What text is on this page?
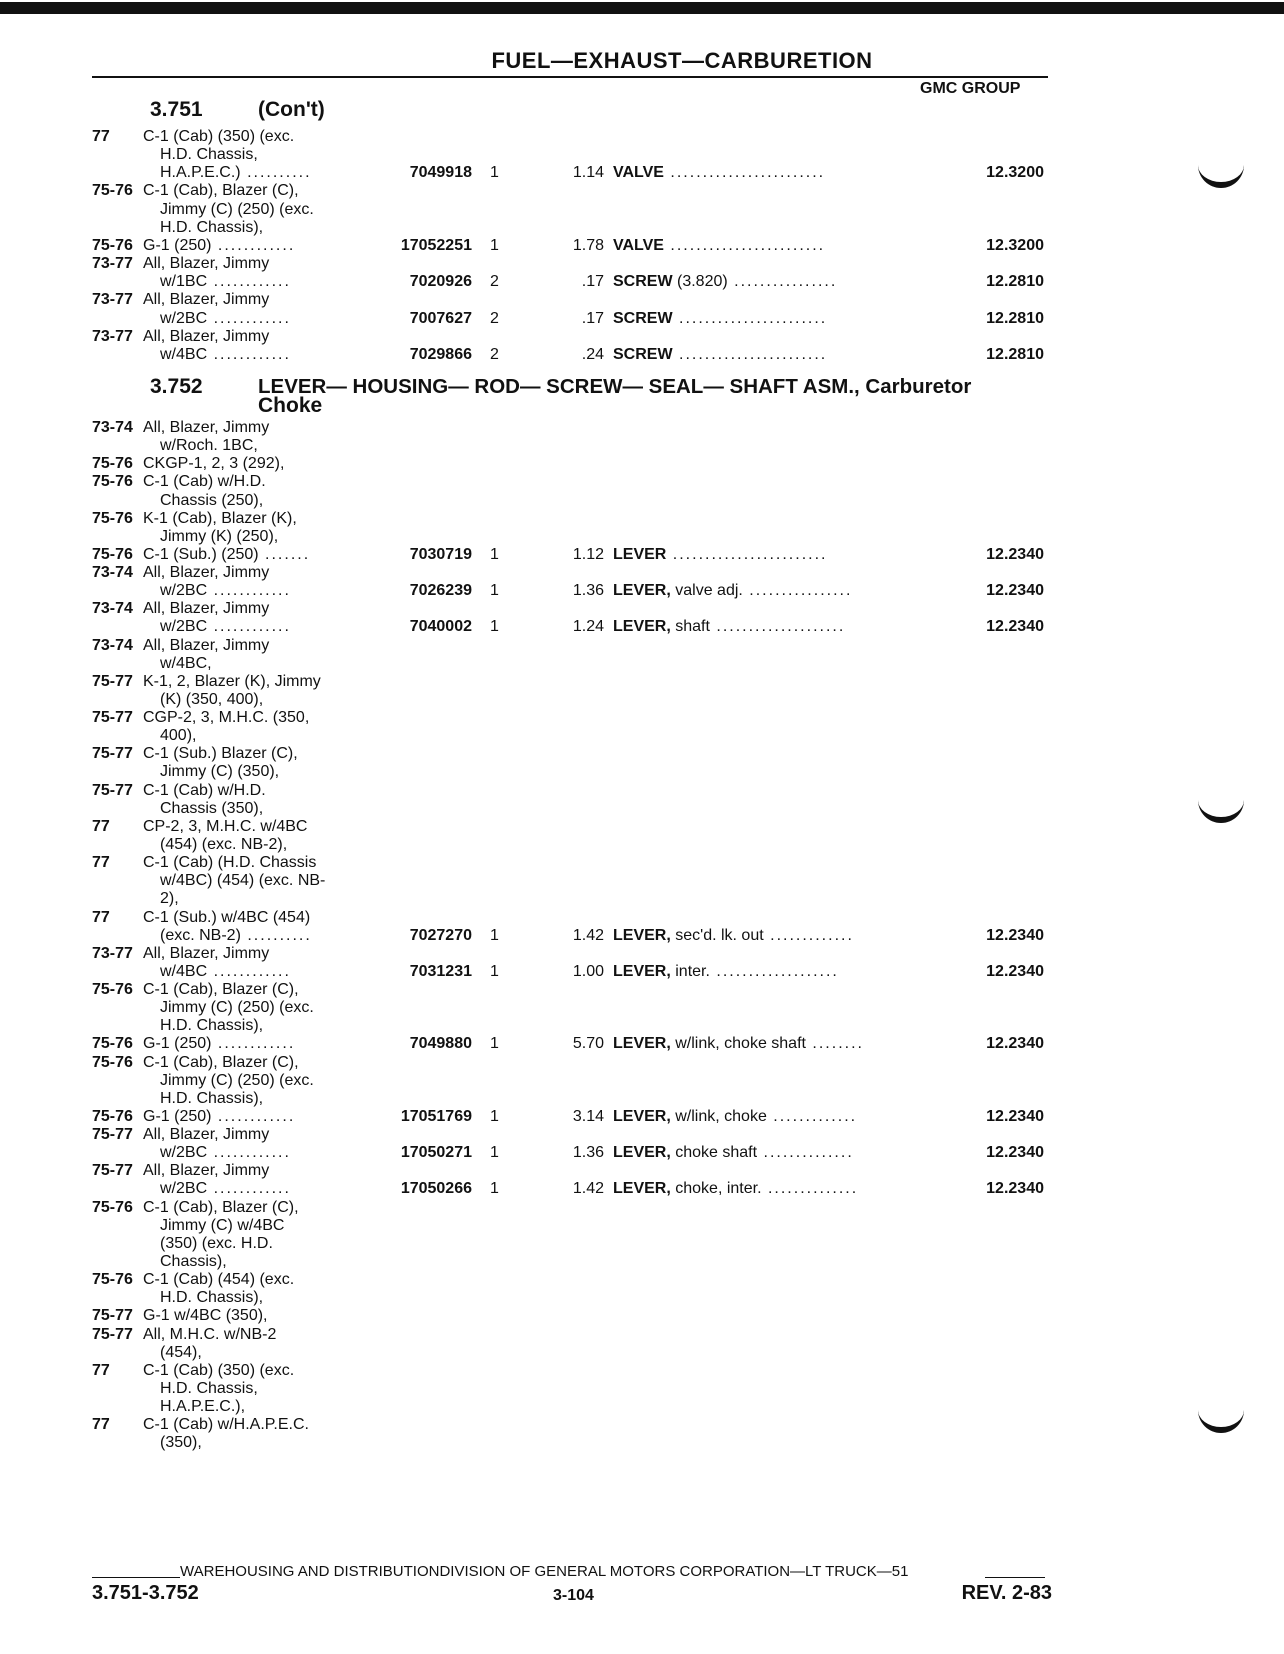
FUEL—EXHAUST—CARBURETION
GMC GROUP
3.751	(Con't)
3.752	LEVER— HOUSING— ROD— SCREW— SEAL— SHAFT ASM., Carburetor
Choke
77	C-1 (Cab) (350) (exc.
H.D. Chassis,
H.A.P.E.C.) ..........	7049918 1	1.14 VALVE ........................	12.3200
75-76 C-1 (Cab), Blazer (C),
Jimmy (C) (250) (exc.
H.D. Chassis),
75-76 G-1 (250) ............	17052251 1	1.78 VALVE ........................	12.3200
73-77 All, Blazer, Jimmy
w/1BC ............	7020926 2	.17 SCREW (3.820) ................	12.2810
73-77 All, Blazer, Jimmy
w/2BC ............	7007627 2	.17 SCREW .......................	12.2810
73-77 All, Blazer, Jimmy
w/4BC ............	7029866 2	.24 SCREW .......................	12.2810
73-74 All, Blazer, Jimmy
w/Roch. 1BC,
75-76 CKGP-1, 2, 3 (292),
75-76 C-1 (Cab) w/H.D.
Chassis (250),
75-76 K-1 (Cab), Blazer (K),
Jimmy (K) (250),
75-76 C-1 (Sub.) (250) .......	7030719 1	1.12 LEVER ........................	12.2340
73-74 All, Blazer, Jimmy
w/2BC ............	7026239 1	1.36 LEVER, valve adj. ................	12.2340
73-74 All, Blazer, Jimmy
w/2BC ............	7040002 1	1.24 LEVER, shaft ....................	12.2340
73-74 All, Blazer, Jimmy
w/4BC,
75-77 K-1, 2, Blazer (K), Jimmy
(K) (350, 400),
75-77 CGP-2, 3, M.H.C. (350,
400),
75-77 C-1 (Sub.) Blazer (C),
Jimmy (C) (350),
75-77 C-1 (Cab) w/H.D.
Chassis (350),
77	CP-2, 3, M.H.C. w/4BC
(454) (exc. NB-2),
77	C-1 (Cab) (H.D. Chassis
w/4BC) (454) (exc. NB-
2),
77	C-1 (Sub.) w/4BC (454)
(exc. NB-2) ..........	7027270 1	1.42 LEVER, sec'd. lk. out .............	12.2340
73-77 All, Blazer, Jimmy
w/4BC ............	7031231 1	1.00 LEVER, inter. ...................	12.2340
75-76 C-1 (Cab), Blazer (C),
Jimmy (C) (250) (exc.
H.D. Chassis),
75-76 G-1 (250) ............	7049880 1	5.70 LEVER, w/link, choke shaft ........	12.2340
75-76 C-1 (Cab), Blazer (C),
Jimmy (C) (250) (exc.
H.D. Chassis),
75-76 G-1 (250) ............	17051769 1	3.14 LEVER, w/link, choke .............	12.2340
75-77 All, Blazer, Jimmy
w/2BC ............	17050271 1	1.36 LEVER, choke shaft ..............	12.2340
75-77 All, Blazer, Jimmy
w/2BC ............	17050266 1	1.42 LEVER, choke, inter. ..............	12.2340
75-76 C-1 (Cab), Blazer (C),
Jimmy (C) w/4BC
(350) (exc. H.D.
Chassis),
75-76 C-1 (Cab) (454) (exc.
H.D. Chassis),
75-77 G-1 w/4BC (350),
75-77 All, M.H.C. w/NB-2
(454),
77	C-1 (Cab) (350) (exc.
H.D. Chassis,
H.A.P.E.C.),
77	C-1 (Cab) w/H.A.P.E.C.
(350),
WAREHOUSING AND DISTRIBUTIONDIVISION OF GENERAL MOTORS CORPORATION—LT TRUCK—51
3.751-3.752	3-104	REV. 2-83
